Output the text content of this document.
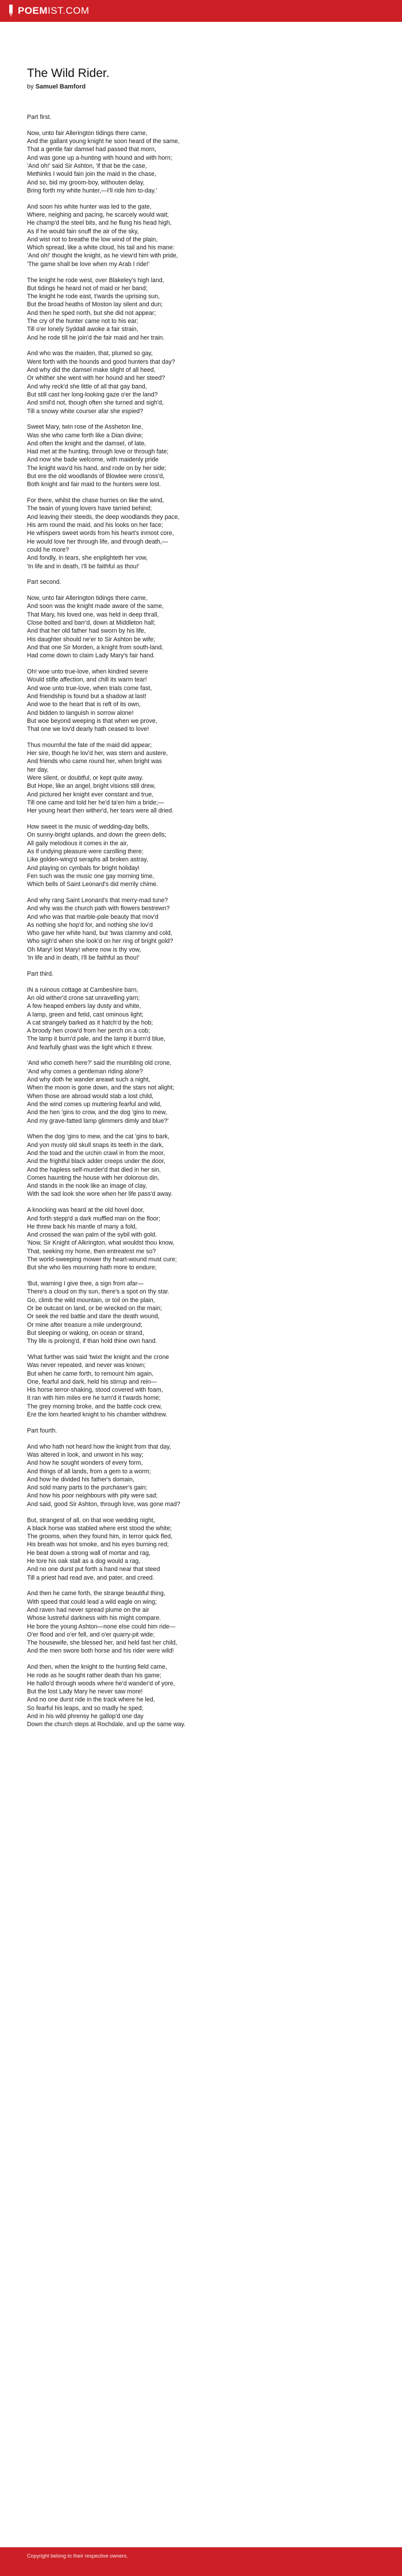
POEM IST.COM
The Wild Rider.
by Samuel Bamford
Part first.
Now, unto fair Allerington tidings there came,
And the gallant young knight he soon heard of the same,
That a gentle fair damsel had passed that morn,
And was gone up a-hunting with hound and with horn;
'And oh!' said Sir Ashton, 'if that be the case,
Methinks I would fain join the maid in the chase,
And so, bid my groom-boy, withouten delay,
Bring forth my white hunter,—I'll ride him to-day.'
And soon his white hunter was led to the gate,
Where, neighing and pacing, he scarcely would wait;
He champ'd the steel bits, and he flung his head high,
As if he would fain snuff the air of the sky,
And wist not to breathe the low wind of the plain,
Which spread, like a white cloud, his tail and his mane:
'And oh!' thought the knight, as he view'd him with pride,
'The game shall be love when my Arab I ride!'
The knight he rode west, over Blakeley's high land,
But tidings he heard not of maid or her band;
The knight he rode east, t'wards the uprising sun,
But the broad heaths of Moston lay silent and dun;
And then he sped north, but she did not appear;
The cry of the hunter came not to his ear;
Till o'er lonely Syddall awoke a fair strain,
And he rode till he join'd the fair maid and her train.
And who was the maiden, that, plumed so gay,
Went forth with the hounds and good hunters that day?
And why did the damsel make slight of all heed,
Or whither she went with her hound and her steed?
And why reck'd she little of all that gay band,
But still cast her long-looking gaze o'er the land?
And smil'd not, though often she turned and sigh'd,
Till a snowy white courser afar she espied?
Sweet Mary, twin rose of the Assheton line,
Was she who came forth like a Dian divine;
And often the knight and the damsel, of late,
Had met at the hunting, through love or through fate;
And now she bade welcome, with maidenly pride
The knight wav'd his hand, and rode on by her side;
But ere the old woodlands of Blowlee were cross'd,
Both knight and fair maid to the hunters were lost.
For there, whilst the chase hurries on like the wind,
The twain of young lovers have tarried behind;
And leaving their steeds, the deep woodlands they pace,
His arm round the maid, and his looks on her face;
He whispers sweet words from his heart's inmost core,
He would love her through life, and through death,—
could he more?
And fondly, in tears, she enplighteth her vow,
'In life and in death, I'll be faithful as thou!'
Part second.
Now, unto fair Allerington tidings there came,
And soon was the knight made aware of the same,
That Mary, his loved one, was held in deep thrall,
Close bolted and barr'd, down at Middleton hall;
And that her old father had sworn by his life,
His daughter should ne'er to Sir Ashton be wife;
And that one Sir Morden, a knight from south-land,
Had come down to claim Lady Mary's fair hand.
Oh! woe unto true-love, when kindred severe
Would stifle affection, and chill its warm tear!
And woe unto true-love, when trials come fast,
And friendship is found but a shadow at last!
And woe to the heart that is reft of its own,
And bidden to languish in sorrow alone!
But woe beyond weeping is that when we prove,
That one we lov'd dearly hath ceased to love!
Thus mournful the fate of the maid did appear;
Her sire, though he lov'd her, was stern and austere,
And friends who came round her, when bright was
her day,
Were silent, or doubtful, or kept quite away.
But Hope, like an angel, bright visions still drew,
And pictured her knight ever constant and true,
Till one came and told her he'd ta'en him a bride;—
Her young heart then wither'd, her tears were all dried.
How sweet is the music of wedding-day bells,
On sunny-bright uplands, and down the green dells;
All gaily melodious it comes in the air,
As if undying pleasure were carolling there;
Like golden-wing'd seraphs all broken astray,
And playing on cymbals for bright holiday!
Fen such was the music one gay morning time,
Which bells of Saint Leonard's did merrily chime.
And why rang Saint Leonard's that merry-mad tune?
And why was the church path with flowers bestrewn?
And who was that marble-pale beauty that mov'd
As nothing she hop'd for, and nothing she lov'd
Who gave her white hand, but 'twas clammy and cold,
Who sigh'd when she look'd on her ring of bright gold?
Oh Mary! lost Mary! where now is thy vow,
'In life and in death, I'll be faithful as thou!'
Part third.
IN a ruinous cottage at Cambeshire barn,
An old wither'd crone sat unravelling yarn;
A few heaped embers lay dusty and white,
A lamp, green and fetid, cast ominous light;
A cat strangely barked as it hatch'd by the hob;
A broody hen crow'd from her perch on a cob;
The lamp it burn'd pale, and the lamp it burn'd blue,
And fearfully ghast was the light which it threw.
'And who cometh here?' said the mumbling old crone,
'And why comes a gentleman riding alone?
And why doth he wander areawt such a night,
When the moon is gone down, and the stars not alight;
When those are abroad would stab a lost child,
And the wind comes up muttering fearful and wild,
And the hen 'gins to crow, and the dog 'gins to mew,
And my grave-fatted lamp glimmers dimly and blue?'
When the dog 'gins to mew, and the cat 'gins to bark,
And yon musty old skull snaps its teeth in the dark,
And the toad and the urchin crawl in from the moor,
And the frightful black adder creeps under the door,
And the hapless self-murder'd that died in her sin,
Comes haunting the house with her dolorous din,
And stands in the nook like an image of clay,
With the sad look she wore when her life pass'd away.
A knocking was heard at the old hovel door,
And forth stepp'd a dark muffled man on the floor;
He threw back his mantle of many a fold,
And crossed the wan palm of the sybil with gold.
'Now, Sir Knight of Alkrington, what wouldst thou know,
That, seeking my home, then entreatest me so?
The world-sweeping mower thy heart-wound must cure;
But she who lies mourning hath more to endure;
'But, warning I give thee, a sign from afar—
There's a cloud on thy sun, there's a spot on thy star.
Go, climb the wild mountain, or toil on the plain,
Or be outcast on land, or be wrecked on the main;
Or seek the red battle and dare the death wound,
Or mine after treasure a mile underground;
But sleeping or waking, on ocean or strand,
Thy life is prolong'd, if than hold thine own hand.
'What further was said 'twixt the knight and the crone
Was never repeated, and never was known;
But when he came forth, to remount him again,
One, fearful and dark, held his stirrup and rein—
His horse terror-shaking, stood covered with foam,
It ran with him miles ere he turn'd it t'wards home;
The grey morning broke, and the battle cock crew,
Ere the lorn hearted knight to his chamber withdrew.
Part fourth.
And who hath not heard how the knight from that day,
Was altered in look, and unwont in his way;
And how he sought wonders of every form,
And things of all lands, from a gem to a worm;
And how he divided his father's domain,
And sold many parts to the purchaser's gain;
And how his poor neighbours with pity were sad;
And said, good Sir Ashton, through love, was gone mad?
But, strangest of all, on that woe wedding night,
A black horse was stabled where erst stood the white;
The grooms, when they found him, in terror quick fled,
His breath was hot smoke, and his eyes burning red;
He beat down a strong wall of mortar and rag,
He tore his oak stall as a dog would a rag,
And no one durst put forth a hand near that steed
Till a priest had read ave, and pater, and creed.
And then he came forth, the strange beautiful thing,
With speed that could lead a wild eagle on wing;
And raven had never spread plume on the air
Whose lustreful darkness with his might compare.
He bore the young Ashton—none else could him ride—
O'er flood and o'er fell, and o'er quarry-pit wide;
The housewife, she blessed her, and held fast her child,
And the men swore both horse and his rider were wild!
And then, when the knight to the hunting field came,
He rode as he sought rather death than his game;
He hallo'd through woods where he'd wander'd of yore,
But the lost Lady Mary he never saw more!
And no one durst ride in the track where he led,
So fearful his leaps, and so madly he sped;
And in his wild phrensy he gallop'd one day
Down the church steps at Rochdale, and up the same way.
Copyright belong to their respective owners.
